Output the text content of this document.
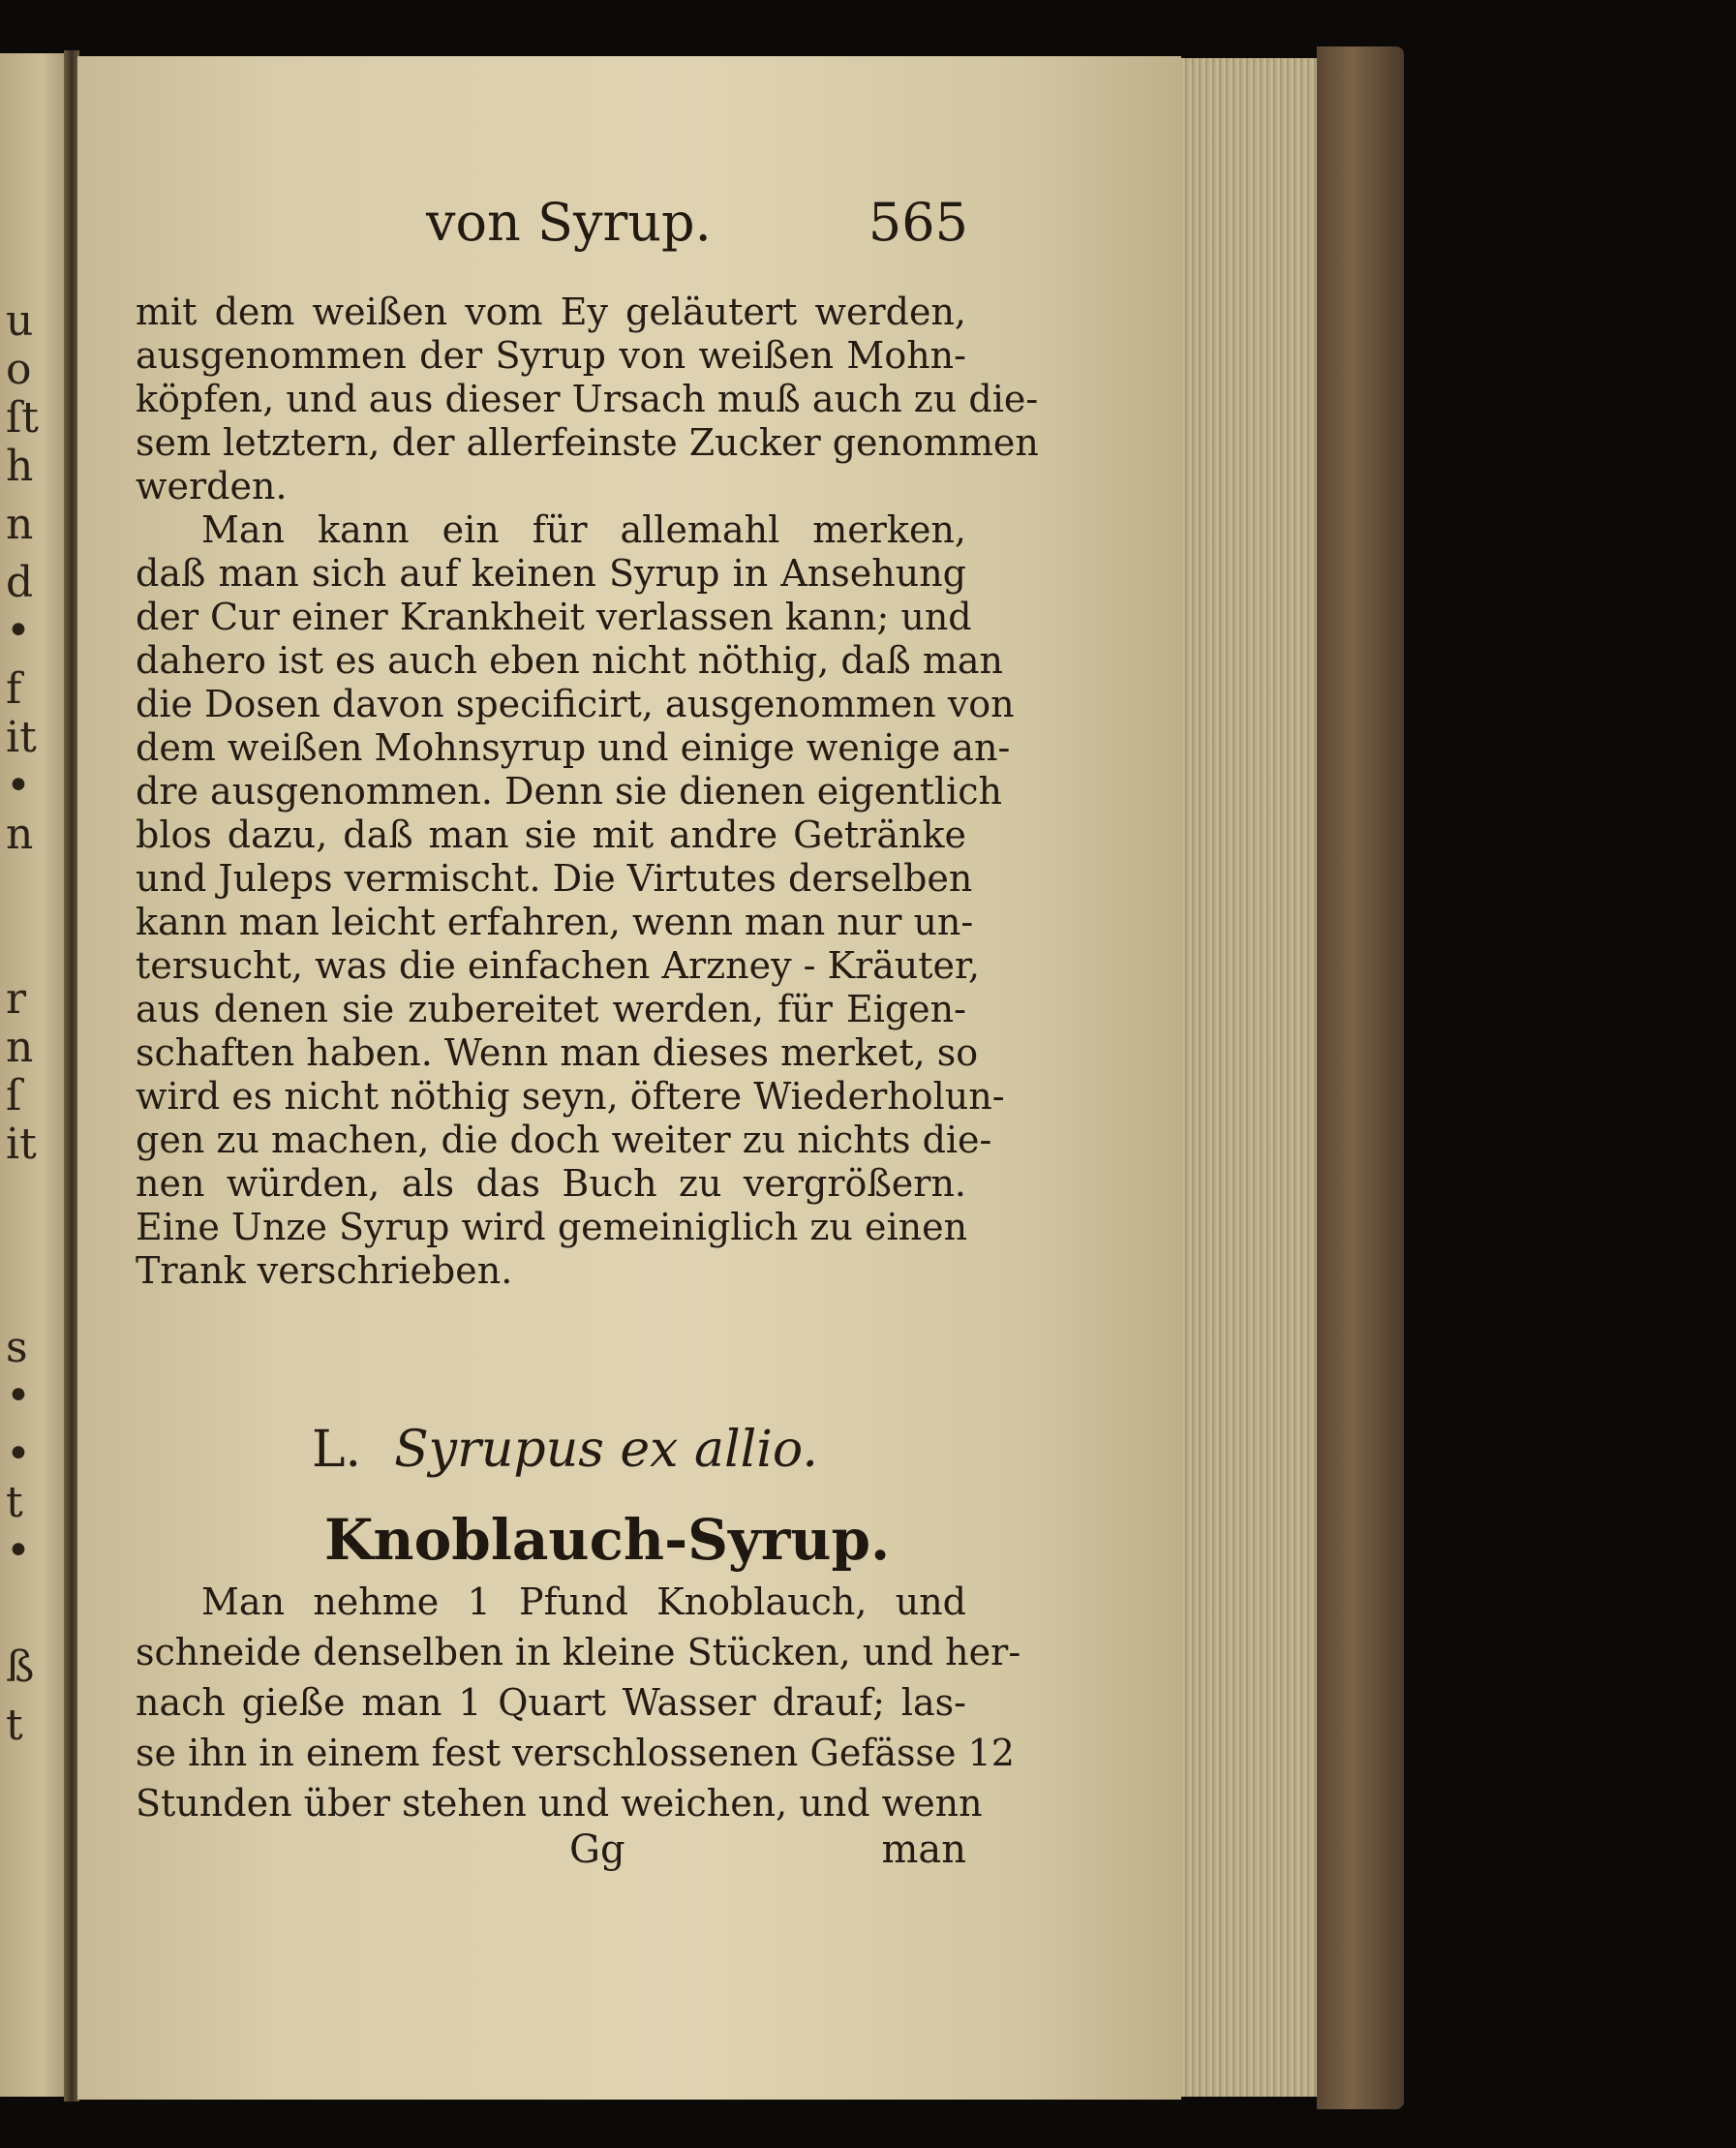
u
o
ſt
h
n
d
•
f
it
•
n
r
n
ſ
it
s
•
•
t
•
ß
t
von Syrup.	565
mit dem weißen vom Ey geläutert werden,
ausgenommen der Syrup von weißen Mohn-
köpfen, und aus dieser Ursach muß auch zu die-
sem letztern, der allerfeinste Zucker genommen
werden.
Man kann ein für allemahl merken,
daß man sich auf keinen Syrup in Ansehung
der Cur einer Krankheit verlassen kann; und
dahero ist es auch eben nicht nöthig, daß man
die Dosen davon specificirt, ausgenommen von
dem weißen Mohnsyrup und einige wenige an-
dre ausgenommen. Denn sie dienen eigentlich
blos dazu, daß man sie mit andre Getränke
und Juleps vermischt. Die Virtutes derselben
kann man leicht erfahren, wenn man nur un-
tersucht, was die einfachen Arzney - Kräuter,
aus denen sie zubereitet werden, für Eigen-
schaften haben. Wenn man dieses merket, so
wird es nicht nöthig seyn, öftere Wiederholun-
gen zu machen, die doch weiter zu nichts die-
nen würden, als das Buch zu vergrößern.
Eine Unze Syrup wird gemeiniglich zu einen
Trank verschrieben.
L. Syrupus ex allio.
Knoblauch-Syrup.
Man nehme 1 Pfund Knoblauch, und
schneide denselben in kleine Stücken, und her-
nach gieße man 1 Quart Wasser drauf; las-
se ihn in einem fest verschlossenen Gefässe 12
Stunden über stehen und weichen, und wenn
Gg	man
